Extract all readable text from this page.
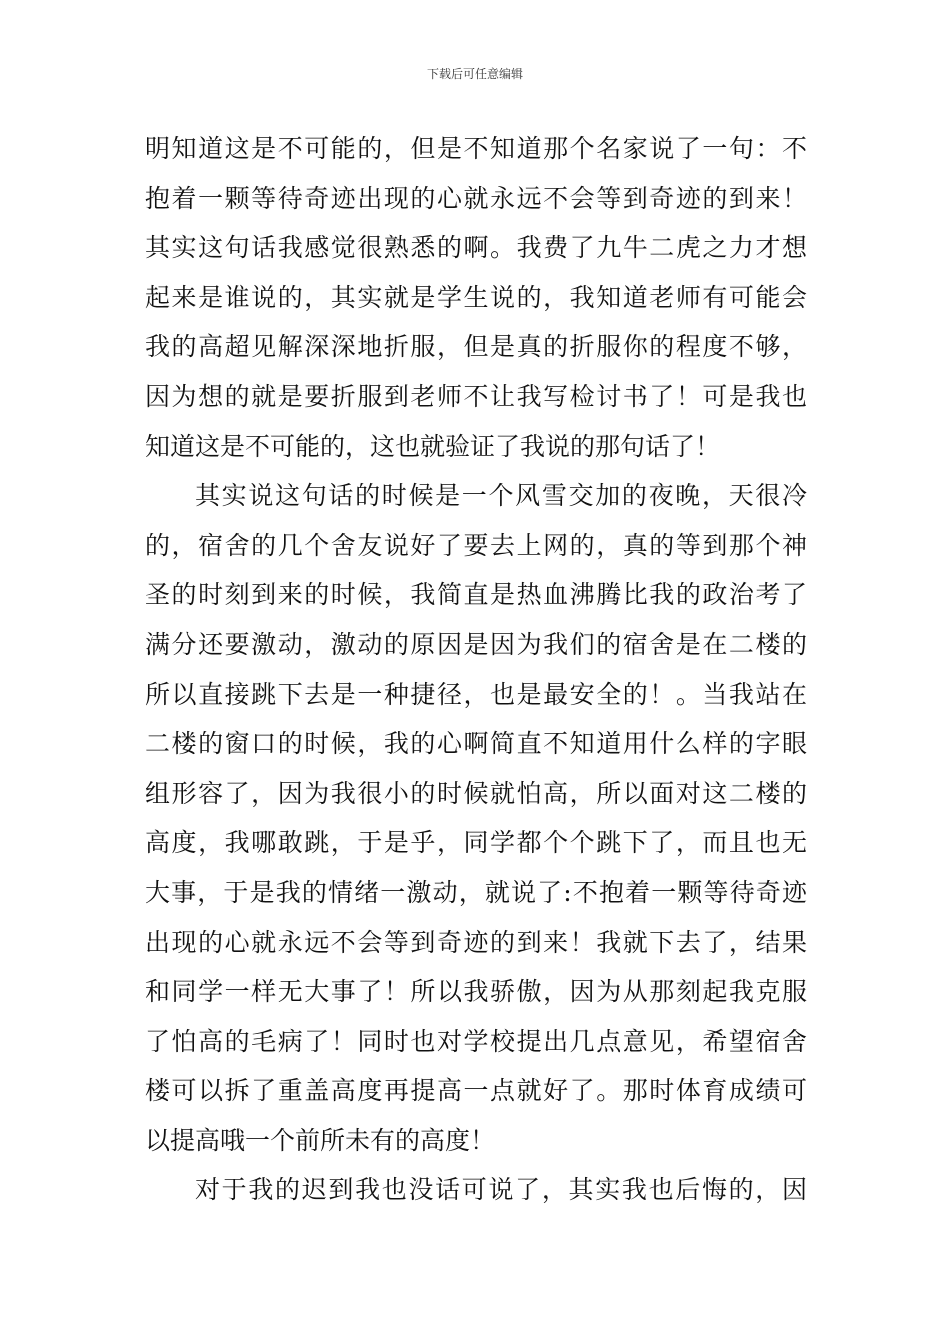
下载后可任意编辑
明知道这是不可能的，但是不知道那个名家说了一句：不
抱着一颗等待奇迹出现的心就永远不会等到奇迹的到来！
其实这句话我感觉很熟悉的啊。我费了九牛二虎之力才想
起来是谁说的，其实就是学生说的，我知道老师有可能会
我的高超见解深深地折服，但是真的折服你的程度不够，
因为想的就是要折服到老师不让我写检讨书了！可是我也
知道这是不可能的，这也就验证了我说的那句话了！
其实说这句话的时候是一个风雪交加的夜晚，天很冷
的，宿舍的几个舍友说好了要去上网的，真的等到那个神
圣的时刻到来的时候，我简直是热血沸腾比我的政治考了
满分还要激动，激动的原因是因为我们的宿舍是在二楼的
所以直接跳下去是一种捷径，也是最安全的！。当我站在
二楼的窗口的时候，我的心啊简直不知道用什么样的字眼
组形容了，因为我很小的时候就怕高，所以面对这二楼的
高度，我哪敢跳，于是乎，同学都个个跳下了，而且也无
大事，于是我的情绪一激动，就说了:不抱着一颗等待奇迹
出现的心就永远不会等到奇迹的到来！我就下去了，结果
和同学一样无大事了！所以我骄傲，因为从那刻起我克服
了怕高的毛病了！同时也对学校提出几点意见，希望宿舍
楼可以拆了重盖高度再提高一点就好了。那时体育成绩可
以提高哦一个前所未有的高度！
对于我的迟到我也没话可说了，其实我也后悔的，因
